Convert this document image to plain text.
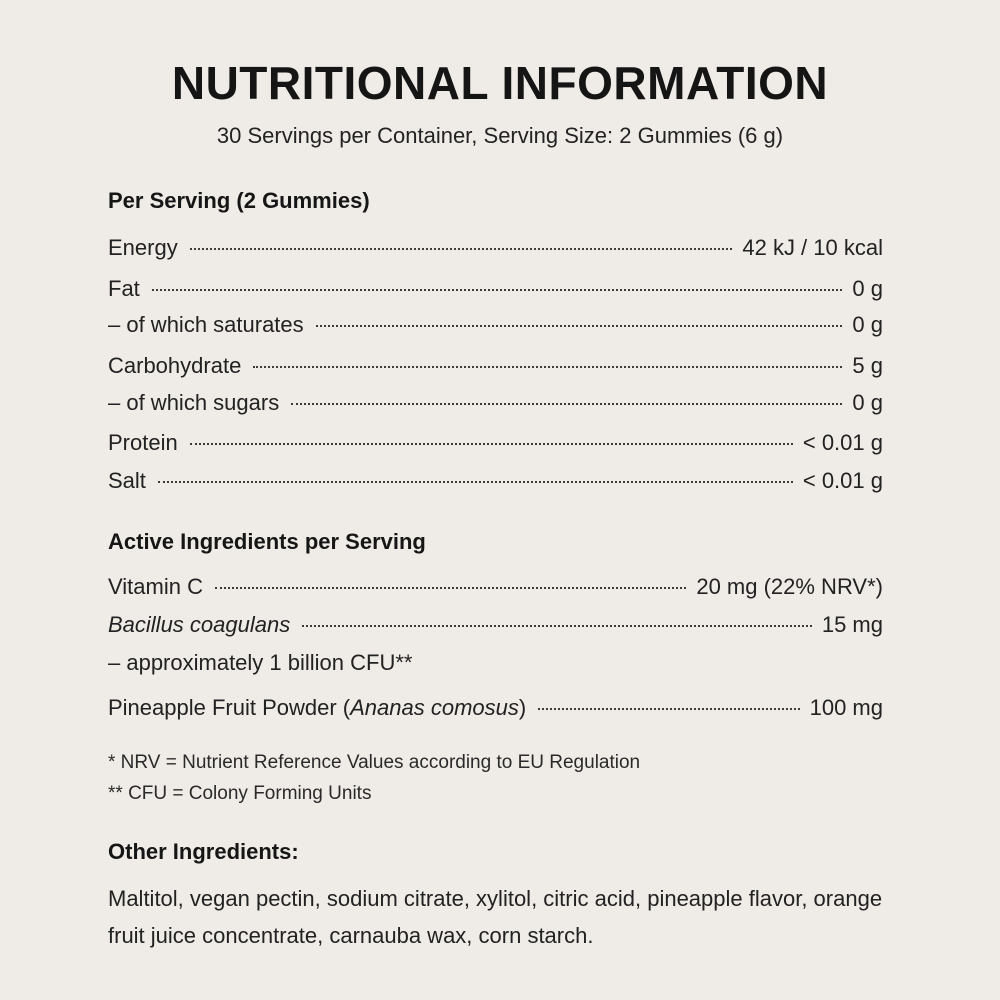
NUTRITIONAL INFORMATION
30 Servings per Container, Serving Size: 2 Gummies (6 g)
Per Serving (2 Gummies)
Energy	42 kJ / 10 kcal
Fat	0 g
– of which saturates	0 g
Carbohydrate	5 g
– of which sugars	0 g
Protein	< 0.01 g
Salt	< 0.01 g
Active Ingredients per Serving
Vitamin C	20 mg (22% NRV*)
Bacillus coagulans	15 mg
– approximately 1 billion CFU**
Pineapple Fruit Powder (Ananas comosus)	100 mg
* NRV = Nutrient Reference Values according to EU Regulation
** CFU = Colony Forming Units
Other Ingredients:
Maltitol, vegan pectin, sodium citrate, xylitol, citric acid, pineapple flavor, orange fruit juice concentrate, carnauba wax, corn starch.
